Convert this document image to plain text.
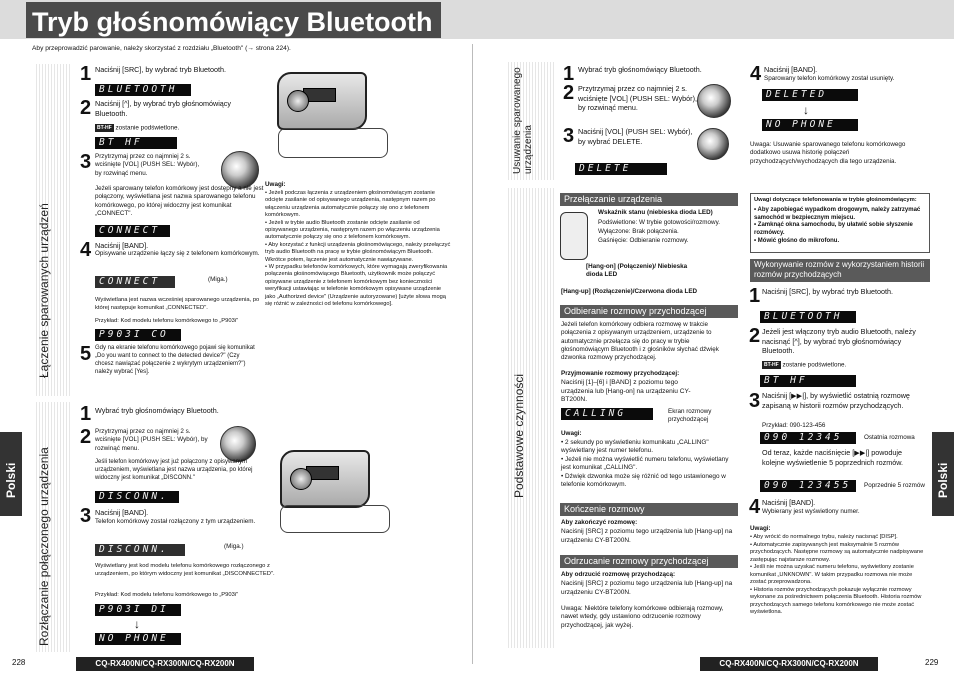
Tryb głośnomówiący Bluetooth
Aby przeprowadzić parowanie, należy skorzystać z rozdziału „Bluetooth" (→ strona 224).
Łączenie sparowanych urządzeń
Rozłączanie połączonego urządzenia
1 Naciśnij [SRC], by wybrać tryb Bluetooth.
BLUETOOTH
2 Naciśnij [^], by wybrać tryb głośnomówiący Bluetooth.
BT-HF zostanie podświetlone.
BT HF
3 Przytrzymaj przez co najmniej 2 s. wciśnięte [VOL] (PUSH SEL: Wybór), by rozwinąć menu.
Jeżeli sparowany telefon komórkowy jest dostępny a nie jest połączony, wyświetlana jest nazwa sparowanego telefonu komórkowego, po której widoczny jest komunikat „CONNECT".
CONNECT
4 Naciśnij [BAND].
Opisywane urządzenie łączy się z telefonem komórkowym.
CONNECT	(Miga.)
Wyświetlana jest nazwa wcześniej sparowanego urządzenia, po której następuje komunikat „CONNECTED".
Przykład: Kod modelu telefonu komórkowego to „P903i"
P903I CO
5 Gdy na ekranie telefonu komórkowego pojawi się komunikat „Do you want to connect to the detected device?" (Czy chcesz nawiązać połączenie z wykrytym urządzeniem?") należy wybrać [Yes].
Uwagi:
• Jeżeli podczas łączenia z urządzeniem głośnomówiącym zostanie odcięte zasilanie od opisywanego urządzenia, następnym razem po włączeniu urządzenia automatycznie połączy się ono z telefonem komórkowym.
• Jeżeli w trybie audio Bluetooth zostanie odcięte zasilanie od opisywanego urządzenia, następnym razem po włączeniu urządzenia automatycznie połączy się ono z telefonem komórkowym.
• Aby korzystać z funkcji urządzenia głośnomówiącego, należy przełączyć tryb audio Bluetooth na pracę w trybie głośnomówiącym Bluetooth. Wkrótce potem, łączenie jest automatycznie nawiązywane.
• W przypadku telefonów komórkowych, które wymagają zweryfikowania połączenia głośnomówiącego Bluetooth, użytkownik może połączyć opisywane urządzenie z telefonem komórkowym bez konieczności weryfikacji ustawiając w telefonie komórkowym opisywane urządzenie jako „Authorized device" (Urządzenie autoryzowane) [użyte słowa mogą się różnić w zależności od telefonu komórkowego].
1 Wybrać tryb głośnomówiący Bluetooth.
2 Przytrzymaj przez co najmniej 2 s. wciśnięte [VOL] (PUSH SEL: Wybór), by rozwinąć menu.
Jeśli telefon komórkowy jest już połączony z opisywanym urządzeniem, wyświetlana jest nazwa urządzenia, po której widoczny jest komunikat „DISCONN."
DISCONN.
3 Naciśnij [BAND].
Telefon komórkowy został rozłączony z tym urządzeniem.
DISCONN.	(Miga.)
Wyświetlany jest kod modelu telefonu komórkowego rozłączonego z urządzeniem, po którym widoczny jest komunikat „DISCONNECTED".
Przykład: Kod modelu telefonu komórkowego to „P903i"
P903I DI
↓
NO PHONE
Polski
228	CQ-RX400N/CQ-RX300N/CQ-RX200N
Usuwanie sparowanego urządzenia
Podstawowe czynności
1 Wybrać tryb głośnomówiący Bluetooth.
2 Przytrzymaj przez co najmniej 2 s. wciśnięte [VOL] (PUSH SEL: Wybór), by rozwinąć menu.
3 Naciśnij [VOL] (PUSH SEL: Wybór), by wybrać DELETE.
DELETE
4 Naciśnij [BAND].
Sparowany telefon komórkowy został usunięty.
DELETED
↓
NO PHONE
Uwaga: Usuwanie sparowanego telefonu komórkowego dodatkowo usuwa historię połączeń przychodzących/wychodzących dla tego urządzenia.
Przełączanie urządzenia
Wskaźnik stanu (niebieska dioda LED)
Podświetlone: W trybie gotowości/rozmowy.
Wyłączone: Brak połączenia.
Gaśnięcie: Odbieranie rozmowy.
[Hang-on] (Połączenie)/ Niebieska dioda LED
[Hang-up] (Rozłączenie)/Czerwona dioda LED
Odbieranie rozmowy przychodzącej
Jeżeli telefon komórkowy odbiera rozmowę w trakcie połączenia z opisywanym urządzeniem, urządzenie to automatycznie przełącza się do pracy w trybie głośnomówiącym Bluetooth i z głośników słychać dźwięk dzwonka rozmowy przychodzącej.
Przyjmowanie rozmowy przychodzącej:
Naciśnij [1]–[6] i [BAND] z poziomu tego urządzenia lub [Hang-on] na urządzeniu CY-BT200N.
CALLING	Ekran rozmowy przychodzącej
Uwagi:
• 2 sekundy po wyświetleniu komunikatu „CALLING" wyświetlany jest numer telefonu.
• Jeżeli nie można wyświetlić numeru telefonu, wyświetlany jest komunikat „CALLING".
• Dźwięk dzwonka może się różnić od tego ustawionego w telefonie komórkowym.
Kończenie rozmowy
Aby zakończyć rozmowę:
Naciśnij [SRC] z poziomu tego urządzenia lub [Hang-up] na urządzeniu CY-BT200N.
Odrzucanie rozmowy przychodzącej
Aby odrzucić rozmowę przychodzącą:
Naciśnij [SRC] z poziomu tego urządzenia lub [Hang-up] na urządzeniu CY-BT200N.
Uwaga: Niektóre telefony komórkowe odbierają rozmowy, nawet wtedy, gdy ustawiono odrzucenie rozmowy przychodzącej, jak wyżej.
Uwagi dotyczące telefonowania w trybie głośnomówiącym:
• Aby zapobiegać wypadkom drogowym, należy zatrzymać samochód w bezpiecznym miejscu.
• Zamknąć okna samochodu, by ułatwić sobie słyszenie rozmówcy.
• Mówić głośno do mikrofonu.
Wykonywanie rozmów z wykorzystaniem historii rozmów przychodzących
1 Naciśnij [SRC], by wybrać tryb Bluetooth.
BLUETOOTH
2 Jeżeli jest włączony tryb audio Bluetooth, należy nacisnąć [^], by wybrać tryb głośnomówiący Bluetooth.
BT-HF zostanie podświetlone.
BT HF
3 Naciśnij [▶▶|], by wyświetlić ostatnią rozmowę zapisaną w historii rozmów przychodzących.
Przykład: 090-123-456
090 12345	Ostatnia rozmowa
Od teraz, każde naciśnięcie [▶▶|] powoduje kolejne wyświetlenie 5 poprzednich rozmów.
090 123455	Poprzednie 5 rozmów
4 Naciśnij [BAND].
Wybierany jest wyświetlony numer.
Uwagi:
• Aby wrócić do normalnego trybu, należy nacisnąć [DISP].
• Automatycznie zapisywanych jest maksymalnie 5 rozmów przychodzących. Następne rozmowy są automatycznie nadpisywane zastępując najstarsze rozmowy.
• Jeśli nie można uzyskać numeru telefonu, wyświetlony zostanie komunikat „UNKNOWN". W takim przypadku rozmowa nie może zostać przeprowadzona.
• Historia rozmów przychodzących pokazuje wyłącznie rozmowy wykonane za pośrednictwem połączenia Bluetooth. Historia rozmów przychodzących samego telefonu komórkowego nie może zostać wyświetlona.
Polski
CQ-RX400N/CQ-RX300N/CQ-RX200N	229
